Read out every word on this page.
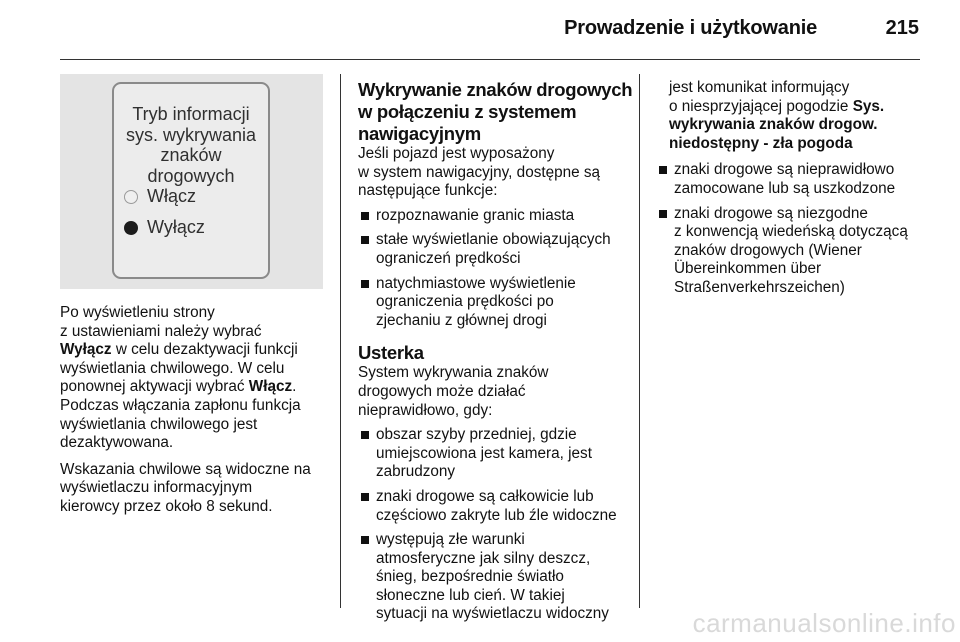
Prowadzenie i użytkowanie	215
Tryb informacji
sys. wykrywania
znaków
drogowych
Włącz
Wyłącz

Po wyświetleniu strony
z ustawieniami należy wybrać
Wyłącz w celu dezaktywacji funkcji
wyświetlania chwilowego. W celu
ponownej aktywacji wybrać Włącz.
Podczas włączania zapłonu funkcja
wyświetlania chwilowego jest
dezaktywowana.

Wskazania chwilowe są widoczne na
wyświetlaczu informacyjnym
kierowcy przez około 8 sekund.

Wykrywanie znaków drogowych
w połączeniu z systemem
nawigacyjnym

Jeśli pojazd jest wyposażony
w system nawigacyjny, dostępne są
następujące funkcje:

rozpoznawanie granic miasta
stałe wyświetlanie obowiązujących
ograniczeń prędkości
natychmiastowe wyświetlenie
ograniczenia prędkości po
zjechaniu z głównej drogi
Usterka

System wykrywania znaków
drogowych może działać
nieprawidłowo, gdy:

obszar szyby przedniej, gdzie
umiejscowiona jest kamera, jest
zabrudzony
znaki drogowe są całkowicie lub
częściowo zakryte lub źle widoczne
występują złe warunki
atmosferyczne jak silny deszcz,
śnieg, bezpośrednie światło
słoneczne lub cień. W takiej
sytuacji na wyświetlaczu widoczny

jest komunikat informujący
o niesprzyjającej pogodzie Sys.
wykrywania znaków drogow.
niedostępny - zła pogoda

znaki drogowe są nieprawidłowo
zamocowane lub są uszkodzone
znaki drogowe są niezgodne
z konwencją wiedeńską dotyczącą
znaków drogowych (Wiener
Übereinkommen über
Straßenverkehrszeichen)
carmanualsonline.info
